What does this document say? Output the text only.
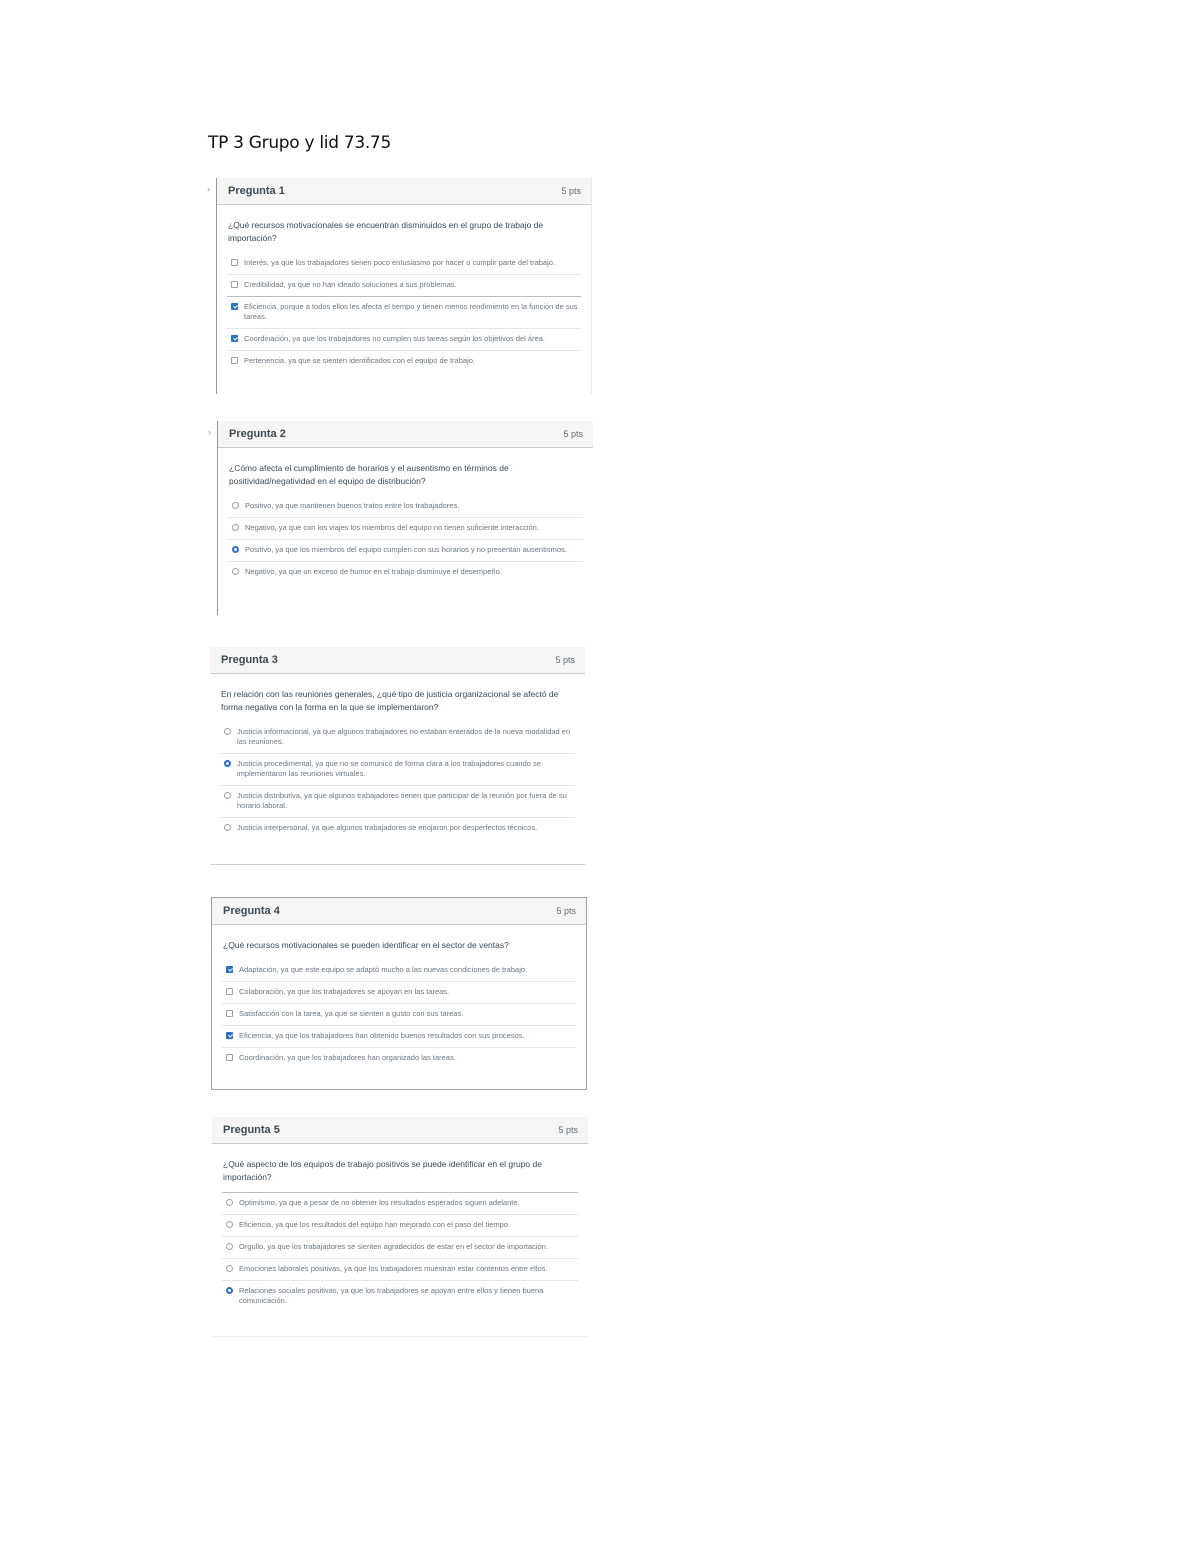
TP 3 Grupo y lid 73.75
› Pregunta 1	5 pts
¿Qué recursos motivacionales se encuentran disminuidos en el grupo de trabajo de importación?
Interés, ya que los trabajadores tienen poco entusiasmo por hacer o cumplir parte del trabajo.
Credibilidad, ya que no han ideado soluciones a sus problemas.
Eficiencia, porque a todos ellos les afecta el tiempo y tienen menos rendimiento en la función de sus tareas.
Coordinación, ya que los trabajadores no cumplen sus tareas según los objetivos del área.
Pertenencia, ya que se sienten identificados con el equipo de trabajo.
› Pregunta 2	5 pts
¿Cómo afecta el cumplimiento de horarios y el ausentismo en términos de positividad/negatividad en el equipo de distribución?
Positivo, ya que mantienen buenos tratos entre los trabajadores.
Negativo, ya que con los viajes los miembros del equipo no tienen suficiente interacción.
Positivo, ya que los miembros del equipo cumplen con sus horarios y no presentan ausentismos.
Negativo, ya que un exceso de humor en el trabajo disminuye el desempeño.
Pregunta 3	5 pts
En relación con las reuniones generales, ¿qué tipo de justicia organizacional se afectó de forma negativa con la forma en la que se implementaron?
Justicia informacional, ya que algunos trabajadores no estaban enterados de la nueva modalidad en las reuniones.
Justicia procedimental, ya que no se comunicó de forma clara a los trabajadores cuando se implementaron las reuniones virtuales.
Justicia distributiva, ya que algunos trabajadores tienen que participar de la reunión por fuera de su horario laboral.
Justicia interpersonal, ya que algunos trabajadores se enojaron por desperfectos técnicos.
Pregunta 4	5 pts
¿Qué recursos motivacionales se pueden identificar en el sector de ventas?
Adaptación, ya que este equipo se adaptó mucho a las nuevas condiciones de trabajo.
Colaboración, ya que los trabajadores se apoyan en las tareas.
Satisfacción con la tarea, ya que se sienten a gusto con sus tareas.
Eficiencia, ya que los trabajadores han obtenido buenos resultados con sus procesos.
Coordinación, ya que los trabajadores han organizado las tareas.
Pregunta 5	5 pts
¿Qué aspecto de los equipos de trabajo positivos se puede identificar en el grupo de importación?
Optimismo, ya que a pesar de no obtener los resultados esperados siguen adelante.
Eficiencia, ya que los resultados del equipo han mejorado con el paso del tiempo.
Orgullo, ya que los trabajadores se sienten agradecidos de estar en el sector de importación.
Emociones laborales positivas, ya que los trabajadores muestran estar contentos entre ellos.
Relaciones sociales positivas, ya que los trabajadores se apoyan entre ellos y tienen buena comunicación.
